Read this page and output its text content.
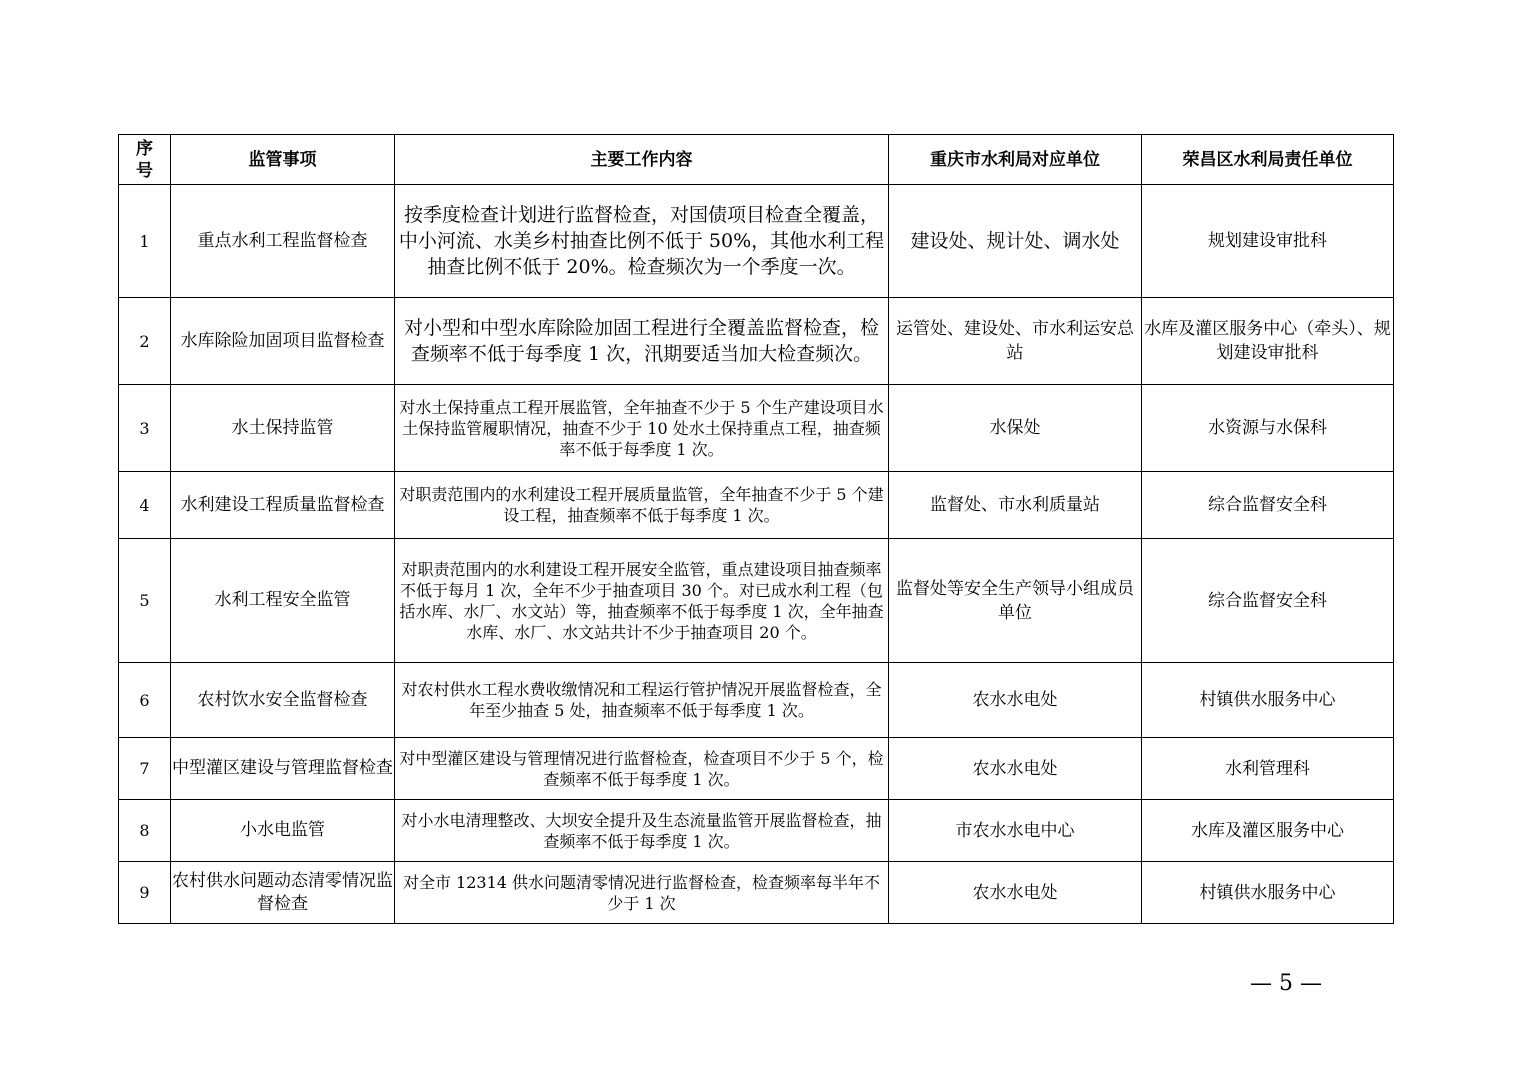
序号	监管事项	主要工作内容	重庆市水利局对应单位	荣昌区水利局责任单位
1	重点水利工程监督检查	按季度检查计划进行监督检查，对国债项目检查全覆盖，中小河流、水美乡村抽查比例不低于 50%，其他水利工程抽查比例不低于 20%。检查频次为一个季度一次。	建设处、规计处、调水处	规划建设审批科
2	水库除险加固项目监督检查	对小型和中型水库除险加固工程进行全覆盖监督检查，检查频率不低于每季度 1 次，汛期要适当加大检查频次。	运管处、建设处、市水利运安总站	水库及灌区服务中心（牵头）、规划建设审批科
3	水土保持监管	对水土保持重点工程开展监管，全年抽查不少于 5 个生产建设项目水土保持监管履职情况，抽查不少于 10 处水土保持重点工程，抽查频率不低于每季度 1 次。	水保处	水资源与水保科
4	水利建设工程质量监督检查	对职责范围内的水利建设工程开展质量监管，全年抽查不少于 5 个建设工程，抽查频率不低于每季度 1 次。	监督处、市水利质量站	综合监督安全科
5	水利工程安全监管	对职责范围内的水利建设工程开展安全监管，重点建设项目抽查频率不低于每月 1 次，全年不少于抽查项目 30 个。对已成水利工程（包括水库、水厂、水文站）等，抽查频率不低于每季度 1 次，全年抽查水库、水厂、水文站共计不少于抽查项目 20 个。	监督处等安全生产领导小组成员单位	综合监督安全科
6	农村饮水安全监督检查	对农村供水工程水费收缴情况和工程运行管护情况开展监督检查，全年至少抽查 5 处，抽查频率不低于每季度 1 次。	农水水电处	村镇供水服务中心
7	中型灌区建设与管理监督检查	对中型灌区建设与管理情况进行监督检查，检查项目不少于 5 个，检查频率不低于每季度 1 次。	农水水电处	水利管理科
8	小水电监管	对小水电清理整改、大坝安全提升及生态流量监管开展监督检查，抽查频率不低于每季度 1 次。	市农水水电中心	水库及灌区服务中心
9	农村供水问题动态清零情况监督检查	对全市 12314 供水问题清零情况进行监督检查，检查频率每半年不少于 1 次	农水水电处	村镇供水服务中心
— 5 —
